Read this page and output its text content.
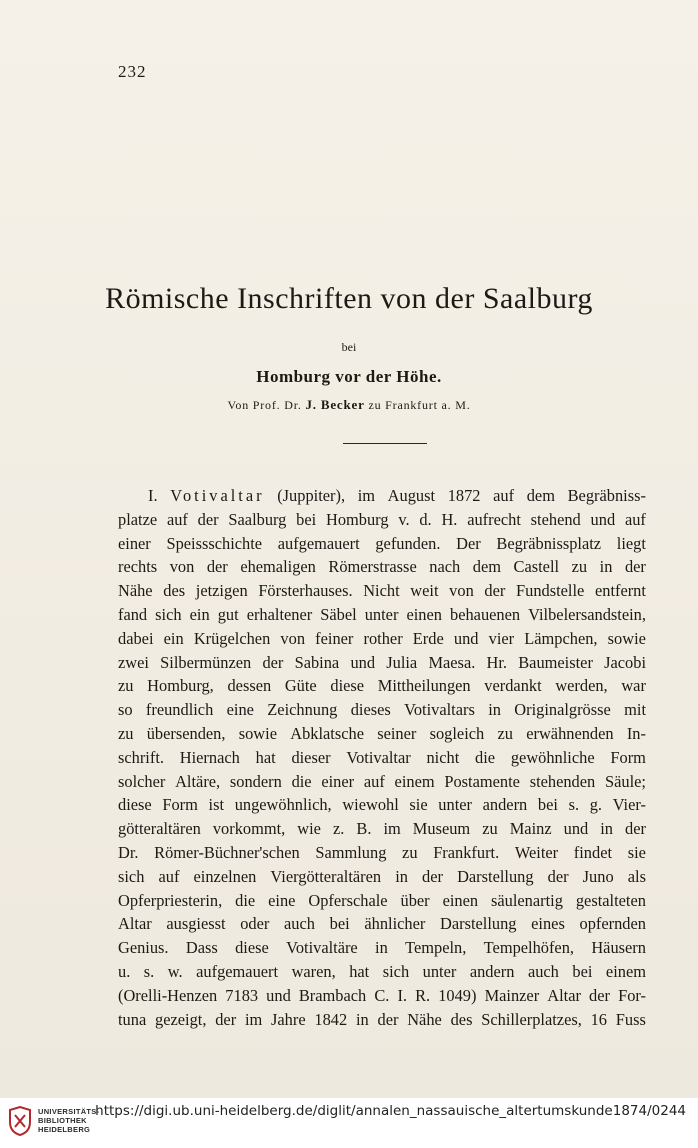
232
Römische Inschriften von der Saalburg
bei
Homburg vor der Höhe.
Von Prof. Dr. J. Becker zu Frankfurt a. M.
I. Votivaltar (Juppiter), im August 1872 auf dem Begräbniss-
platze auf der Saalburg bei Homburg v. d. H. aufrecht stehend und auf
einer Speissschichte aufgemauert gefunden. Der Begräbnissplatz liegt
rechts von der ehemaligen Römerstrasse nach dem Castell zu in der
Nähe des jetzigen Försterhauses. Nicht weit von der Fundstelle entfernt
fand sich ein gut erhaltener Säbel unter einen behauenen Vilbelersandstein,
dabei ein Krügelchen von feiner rother Erde und vier Lämpchen, sowie
zwei Silbermünzen der Sabina und Julia Maesa. Hr. Baumeister Jacobi
zu Homburg, dessen Güte diese Mittheilungen verdankt werden, war
so freundlich eine Zeichnung dieses Votivaltars in Originalgrösse mit
zu übersenden, sowie Abklatsche seiner sogleich zu erwähnenden In-
schrift. Hiernach hat dieser Votivaltar nicht die gewöhnliche Form
solcher Altäre, sondern die einer auf einem Postamente stehenden Säule;
diese Form ist ungewöhnlich, wiewohl sie unter andern bei s. g. Vier-
götteraltären vorkommt, wie z. B. im Museum zu Mainz und in der
Dr. Römer-Büchner'schen Sammlung zu Frankfurt. Weiter findet sie
sich auf einzelnen Viergötteraltären in der Darstellung der Juno als
Opferpriesterin, die eine Opferschale über einen säulenartig gestalteten
Altar ausgiesst oder auch bei ähnlicher Darstellung eines opfernden
Genius. Dass diese Votivaltäre in Tempeln, Tempelhöfen, Häusern
u. s. w. aufgemauert waren, hat sich unter andern auch bei einem
(Orelli-Henzen 7183 und Brambach C. I. R. 1049) Mainzer Altar der For-
tuna gezeigt, der im Jahre 1842 in der Nähe des Schillerplatzes, 16 Fuss
UNIVERSITÄTS-
BIBLIOTHEK
HEIDELBERG
https://digi.ub.uni-heidelberg.de/diglit/annalen_nassauische_altertumskunde1874/0244
